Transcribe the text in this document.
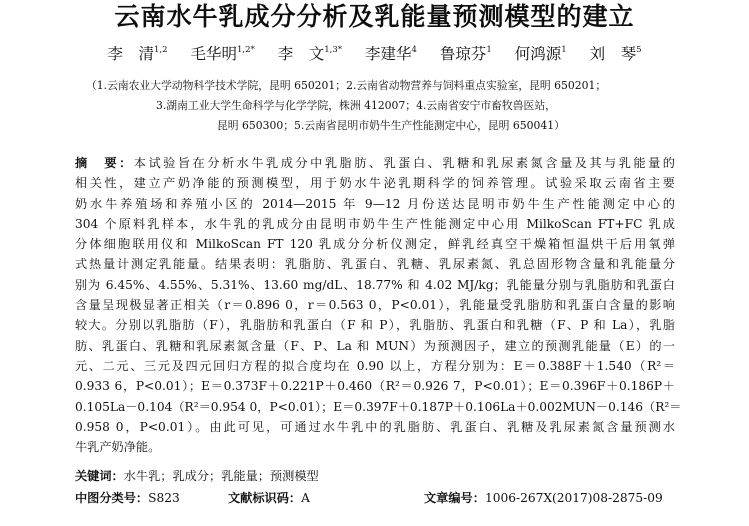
云南水牛乳成分分析及乳能量预测模型的建立
李　清$^{1,2}$ 毛华明$^{1,2*}$ 李　文$^{1,3*}$ 李建华$^4$ 鲁琼芬$^1$ 何鸿源$^1$ 刘　琴$^5$
（1.云南农业大学动物科学技术学院，昆明 650201；2.云南省动物营养与饲料重点实验室，昆明 650201；
3.湖南工业大学生命科学与化学学院，株洲 412007；4.云南省安宁市畜牧兽医站，
昆明 650300；5.云南省昆明市奶牛生产性能测定中心，昆明 650041）
摘　要：本试验旨在分析水牛乳成分中乳脂肪、乳蛋白、乳糖和乳尿素氮含量及其与乳能量的
相关性，建立产奶净能的预测模型，用于奶水牛泌乳期科学的饲养管理。试验采取云南省主要
奶水牛养殖场和养殖小区的 2014—2015 年 9—12 月份送达昆明市奶牛生产性能测定中心的
304 个原料乳样本，水牛乳的乳成分由昆明市奶牛生产性能测定中心用 MilkoScan FT+FC 乳成
分体细胞联用仪和 MilkoScan FT 120 乳成分分析仪测定，鲜乳经真空干燥箱恒温烘干后用氧弹
式热量计测定乳能量。结果表明：乳脂肪、乳蛋白、乳糖、乳尿素氮、乳总固形物含量和乳能量分
别为 6.45%、4.55%、5.31%、13.60 mg/dL、18.77% 和 4.02 MJ/kg；乳能量分别与乳脂肪和乳蛋白
含量呈现极显著正相关（r＝0.896 0，r＝0.563 0，P<0.01），乳能量受乳脂肪和乳蛋白含量的影响
较大。分别以乳脂肪（F），乳脂肪和乳蛋白（F 和 P），乳脂肪、乳蛋白和乳糖（F、P 和 La），乳脂
肪、乳蛋白、乳糖和乳尿素氮含量（F、P、La 和 MUN）为预测因子，建立的预测乳能量（E）的一
元、二元、三元及四元回归方程的拟合度均在 0.90 以上，方程分别为：E＝0.388F＋1.540（R²＝
0.933 6，P<0.01）；E＝0.373F＋0.221P＋0.460（R²＝0.926 7，P<0.01）；E＝0.396F＋0.186P＋
0.105La－0.104（R²＝0.954 0，P<0.01）；E＝0.397F＋0.187P＋0.106La＋0.002MUN－0.146（R²＝
0.958 0，P<0.01）。由此可见，可通过水牛乳中的乳脂肪、乳蛋白、乳糖及乳尿素氮含量预测水
牛乳产奶净能。
关键词：水牛乳；乳成分；乳能量；预测模型
中图分类号：S823	文献标识码：A	文章编号：1006-267X(2017)08-2875-09
